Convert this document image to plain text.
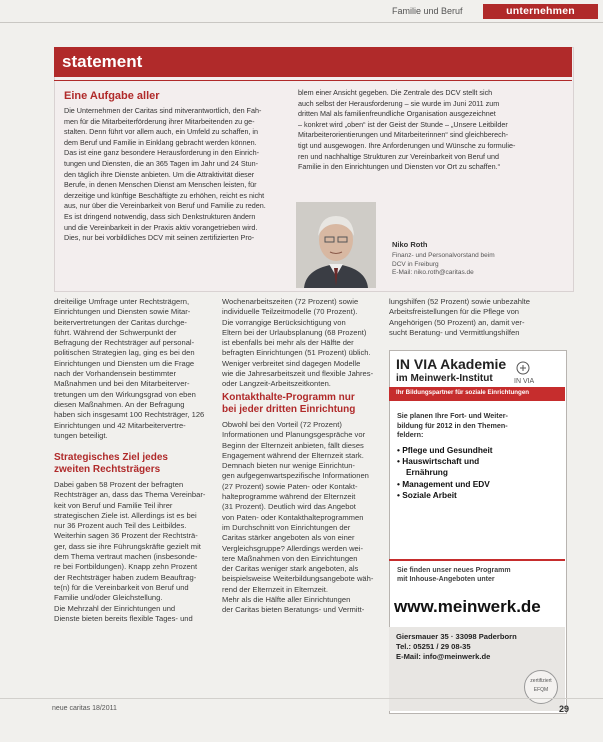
Familie und Beruf	unternehmen
statement
Eine Aufgabe aller
Die Unternehmen der Caritas sind mitverantwortlich, den Fah-
men für die Mitarbeiterförderung ihrer Mitarbeitenden zu ge-
stalten. Denn führt vor allem auch, ein Umfeld zu schaffen, in
dem Beruf und Familie in Einklang gebracht werden können.
Das ist eine ganz besondere Herausforderung in den Einrich-
tungen und Diensten, die an 365 Tagen im Jahr und 24 Stun-
den täglich ihre Dienste anbieten. Um die Attraktivität dieser
Berufe, in denen Menschen Dienst am Menschen leisten, für
derzeitige und künftige Beschäftigte zu erhöhen, reicht es nicht
aus, nur über die Vereinbarkeit von Beruf und Familie zu reden.
Es ist dringend notwendig, dass sich Denkstrukturen ändern
und die Vereinbarkeit in der Praxis aktiv vorangetrieben wird.
Dies, nur bei vorbildliches DCV mit seinen zertifizierten Pro-
blem einer Ansicht gegeben. Die Zentrale des DCV stellt sich
auch selbst der Herausforderung – sie wurde im Juni 2011 zum
dritten Mal als familienfreundliche Organisation ausgezeichnet
– konkret wird „oben“ ist der Geist der Stunde – „Unsere Leitbilder
Mitarbeiterorientierungen und Mitarbeiterinnen“ sind gleichberech-
tigt und ausgewogen. Ihre Anforderungen und Wünsche zu formulie-
ren und nachhaltige Strukturen zur Vereinbarkeit von Beruf und
Familie in den Einrichtungen und Diensten vor Ort zu schaffen.“
Niko Roth
Finanz- und Personalvorstand beim
DCV in Freiburg
E-Mail: niko.roth@caritas.de
dreiteilige Umfrage unter Rechtsträgern,
Einrichtungen und Diensten sowie Mitar-
beitervertretungen der Caritas durchge-
führt. Während der Schwerpunkt der
Befragung der Rechtsträger auf personal-
politischen Strategien lag, ging es bei den
Einrichtungen und Diensten um die Frage
nach der Vorhandensein bestimmter
Maßnahmen und bei den Mitarbeiterver-
tretungen um den Wirkungsgrad von eben
diesen Maßnahmen. An der Befragung
haben sich insgesamt 100 Rechtsträger, 126
Einrichtungen und 42 Mitarbeitervertre-
tungen beteiligt.
Strategisches Ziel jedes
zweiten Rechtsträgers
Dabei gaben 58 Prozent der befragten
Rechtsträger an, dass das Thema Vereinbar-
keit von Beruf und Familie Teil ihrer
strategischen Ziele ist. Allerdings ist es bei
nur 36 Prozent auch Teil des Leitbildes.
Weiterhin sagen 36 Prozent der Rechtsträ-
ger, dass sie ihre Führungskräfte gezielt mit
dem Thema vertraut machen (insbesonde-
re bei Fortbildungen). Knapp zehn Prozent
der Rechtsträger haben zudem Beauftrag-
te(n) für die Vereinbarkeit von Beruf und
Familie und/oder Gleichstellung.
Die Mehrzahl der Einrichtungen und
Dienste bieten bereits flexible Tages- und
Wochenarbeitszeiten (72 Prozent) sowie
individuelle Teilzeitmodelle (70 Prozent).
Die vorrangige Berücksichtigung von
Eltern bei der Urlaubsplanung (68 Prozent)
ist ebenfalls bei mehr als der Hälfte der
befragten Einrichtungen (51 Prozent) üblich.
Weniger verbreitet sind dagegen Modelle
wie die Jahresarbeitszeit und flexible Jahres-
oder Langzeit-Arbeitszeitkonten.
Kontakthalte-Programm nur
bei jeder dritten Einrichtung
Obwohl bei den Vorteil (72 Prozent)
Informationen und Planungsgespräche vor
Beginn der Elternzeit anbieten, fällt dieses
Engagement während der Elternzeit stark.
Demnach bieten nur wenige Einrichtun-
gen aufgegenwartspezifische Informationen
(27 Prozent) sowie Paten- oder Kontakt-
halteprogramme während der Elternzeit
(31 Prozent). Deutlich wird das Angebot
von Paten- oder Kontakthalteprogrammen
im Durchschnitt von Einrichtungen der
Caritas stärker angeboten als von einer
Vergleichsgruppe? Allerdings werden wei-
tere Maßnahmen von den Einrichtungen
der Caritas weniger stark angeboten, als
beispielsweise Weiterbildungsangebote wäh-
rend der Elternzeit in Elternzeit.
Mehr als die Hälfte aller Einrichtungen
der Caritas bieten Beratungs- und Vermitt-
lungshilfen (52 Prozent) sowie unbezahlte
Arbeitsfreistellungen für die Pflege von
Angehörigen (50 Prozent) an, damit ver-
sucht Beratung- und Vermittlungshilfen
IN VIA Akademie
im Meinwerk-Institut	IN VIA
Ihr Bildungspartner für soziale Einrichtungen
Sie planen Ihre Fort- und Weiter-
bildung für 2012 in den Themen-
feldern:
• Pflege und Gesundheit
• Hauswirtschaft und
Ernährung
• Management und EDV
• Soziale Arbeit
Sie finden unser neues Programm
mit Inhouse-Angeboten unter
www.meinwerk.de
Giersmauer 35 · 33098 Paderborn
Tel.: 05251 / 29 08-35
E-Mail: info@meinwerk.de
zertifiziert
EFQM
neue caritas 18/2011	29
